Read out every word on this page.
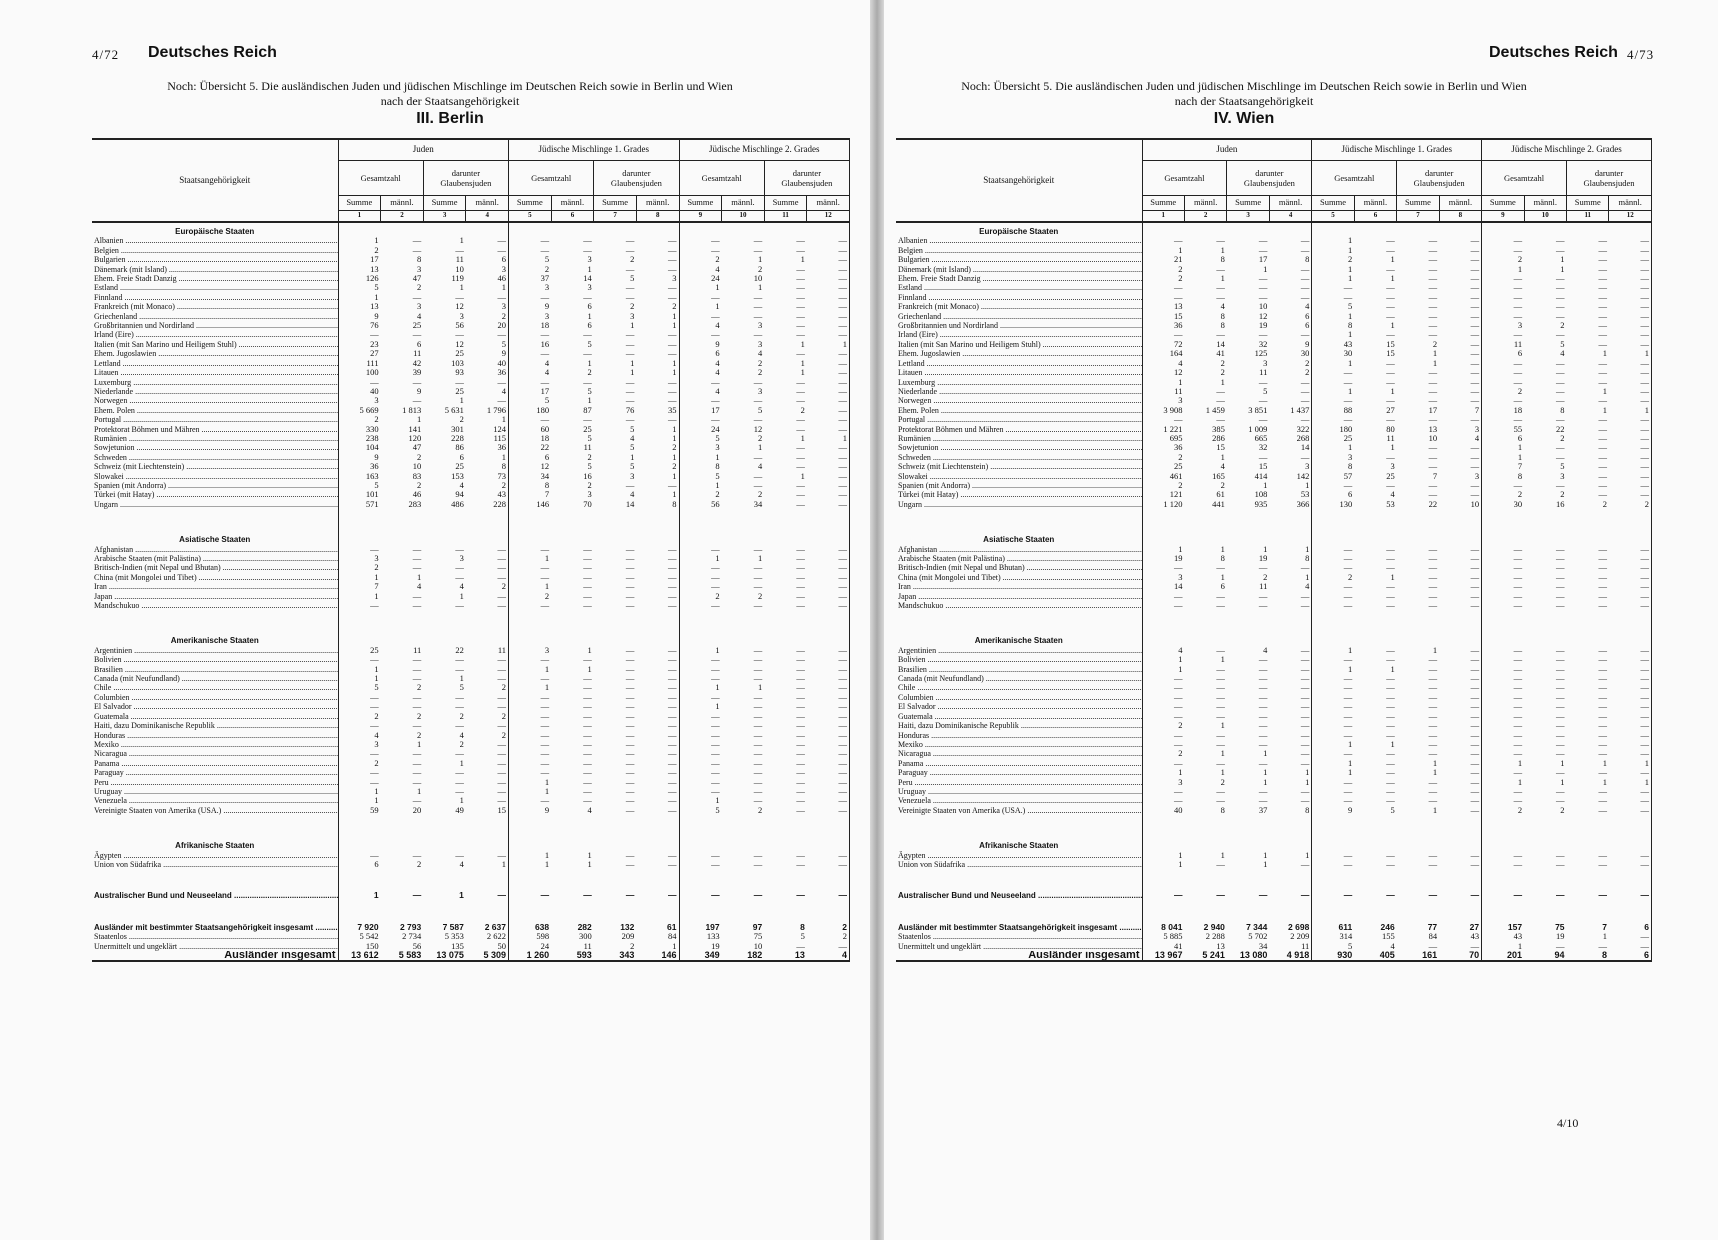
4/72 Deutsches Reich
Noch: Übersicht 5. Die ausländischen Juden und jüdischen Mischlinge im Deutschen Reich sowie in Berlin und Wien
nach der Staatsangehörigkeit
III. Berlin
Staatsangehörigkeit	Juden				Jüdische Mischlinge 1. Grades				Jüdische Mischlinge 2. Grades			
	Gesamtzahl		darunter Glaubensjuden		Gesamtzahl		darunter Glaubensjuden		Gesamtzahl		darunter Glaubensjuden	
	Summe	männl.	Summe	männl.	Summe	männl.	Summe	männl.	Summe	männl.	Summe	männl.
	1	2	3	4	5	6	7	8	9	10	11	12
Europäische Staaten												
Albanien .....	1	—	1	—	—	—	—	—	—	—	—	—
Belgien .....	2	—	—	—	—	—	—	—	—	—	—	—
Bulgarien .....	17	8	11	6	5	3	2	—	2	1	1	—
Dänemark (mit Island) .....	13	3	10	3	2	1	—	—	4	2	—	—
Ehem. Freie Stadt Danzig .....	126	47	119	46	37	14	5	3	24	10	—	—
Estland .....	5	2	1	1	3	3	—	—	1	1	—	—
Finnland .....	1	—	—	—	—	—	—	—	—	—	—	—
Frankreich (mit Monaco) .....	13	3	12	3	9	6	2	2	1	—	—	—
Griechenland .....	9	4	3	2	3	1	3	1	—	—	—	—
Großbritannien und Nordirland .....	76	25	56	20	18	6	1	1	4	3	—	—
Irland (Eire) .....	—	—	—	—	—	—	—	—	—	—	—	—
Italien (mit San Marino und Heiligem Stuhl) .....	23	6	12	5	16	5	—	—	9	3	1	1
Ehem. Jugoslawien .....	27	11	25	9	—	—	—	—	6	4	—	—
Lettland .....	111	42	103	40	4	1	1	1	4	2	1	—
Litauen .....	100	39	93	36	4	2	1	1	4	2	1	—
Luxemburg .....	—	—	—	—	—	—	—	—	—	—	—	—
Niederlande .....	40	9	25	4	17	5	—	—	4	3	—	—
Norwegen .....	3	—	1	—	5	1	—	—	—	—	—	—
Ehem. Polen .....	5 669	1 813	5 631	1 796	180	87	76	35	17	5	2	—
Portugal .....	2	1	2	1	—	—	—	—	—	—	—	—
Protektorat Böhmen und Mähren .....	330	141	301	124	60	25	5	1	24	12	—	—
Rumänien .....	238	120	228	115	18	5	4	1	5	2	1	1
Sowjetunion .....	104	47	86	36	22	11	5	2	3	1	—	—
Schweden .....	9	2	6	1	6	2	1	1	1	—	—	—
Schweiz (mit Liechtenstein) .....	36	10	25	8	12	5	5	2	8	4	—	—
Slowakei .....	163	83	153	73	34	16	3	1	5	—	1	—
Spanien (mit Andorra) .....	5	2	4	2	8	2	—	—	1	—	—	—
Türkei (mit Hatay) .....	101	46	94	43	7	3	4	1	2	2	—	—
Ungarn .....	571	283	486	228	146	70	14	8	56	34	—	—

Asiatische Staaten												
Afghanistan .....	—	—	—	—	—	—	—	—	—	—	—	—
Arabische Staaten (mit Palästina) .....	3	—	3	—	1	—	—	—	1	1	—	—
Britisch-Indien (mit Nepal und Bhutan) .....	2	—	—	—	—	—	—	—	—	—	—	—
China (mit Mongolei und Tibet) .....	1	1	—	—	—	—	—	—	—	—	—	—
Iran .....	7	4	4	2	1	—	—	—	—	—	—	—
Japan .....	1	—	1	—	2	—	—	—	2	2	—	—
Mandschukuo .....	—	—	—	—	—	—	—	—	—	—	—	—

Amerikanische Staaten												
Argentinien .....	25	11	22	11	3	1	—	—	1	—	—	—
Bolivien .....	—	—	—	—	—	—	—	—	—	—	—	—
Brasilien .....	1	—	—	—	1	1	—	—	—	—	—	—
Canada (mit Neufundland) .....	1	—	1	—	—	—	—	—	—	—	—	—
Chile .....	5	2	5	2	1	—	—	—	1	1	—	—
Columbien .....	—	—	—	—	—	—	—	—	—	—	—	—
El Salvador .....	—	—	—	—	—	—	—	—	1	—	—	—
Guatemala .....	2	2	2	2	—	—	—	—	—	—	—	—
Haiti, dazu Dominikanische Republik .....	—	—	—	—	—	—	—	—	—	—	—	—
Honduras .....	4	2	4	2	—	—	—	—	—	—	—	—
Mexiko .....	3	1	2	—	—	—	—	—	—	—	—	—
Nicaragua .....	—	—	—	—	—	—	—	—	—	—	—	—
Panama .....	2	—	1	—	—	—	—	—	—	—	—	—
Paraguay .....	—	—	—	—	—	—	—	—	—	—	—	—
Peru .....	—	—	—	—	1	—	—	—	—	—	—	—
Uruguay .....	1	1	—	—	1	—	—	—	—	—	—	—
Venezuela .....	1	—	1	—	—	—	—	—	1	—	—	—
Vereinigte Staaten von Amerika (USA.) .....	59	20	49	15	9	4	—	—	5	2	—	—

Afrikanische Staaten												
Ägypten .....	—	—	—	—	1	1	—	—	—	—	—	—
Union von Südafrika .....	6	2	4	1	1	1	—	—	—	—	—	—

Australischer Bund und Neuseeland .....	1	—	1	—	—	—	—	—	—	—	—	—

Ausländer mit bestimmter Staatsangehörigkeit insgesamt .....	7 920	2 793	7 587	2 637	638	282	132	61	197	97	8	2
Staatenlos .....	5 542	2 734	5 353	2 622	598	300	209	84	133	75	5	2
Unermittelt und ungeklärt .....	150	56	135	50	24	11	2	1	19	10	—	—
Ausländer insgesamt	13 612	5 583	13 075	5 309	1 260	593	343	146	349	182	13	4
Deutsches Reich 4/73
Noch: Übersicht 5. Die ausländischen Juden und jüdischen Mischlinge im Deutschen Reich sowie in Berlin und Wien
nach der Staatsangehörigkeit
IV. Wien
Staatsangehörigkeit	Juden				Jüdische Mischlinge 1. Grades				Jüdische Mischlinge 2. Grades			
	Gesamtzahl		darunter Glaubensjuden		Gesamtzahl		darunter Glaubensjuden		Gesamtzahl		darunter Glaubensjuden	
	Summe	männl.	Summe	männl.	Summe	männl.	Summe	männl.	Summe	männl.	Summe	männl.
	1	2	3	4	5	6	7	8	9	10	11	12
Europäische Staaten												
Albanien .....	—	—	—	—	1	—	—	—	—	—	—	—
Belgien .....	1	1	—	—	1	—	—	—	—	—	—	—
Bulgarien .....	21	8	17	8	2	1	—	—	2	1	—	—
Dänemark (mit Island) .....	2	—	1	—	1	—	—	—	1	1	—	—
Ehem. Freie Stadt Danzig .....	2	1	—	—	1	1	—	—	—	—	—	—
Estland .....	—	—	—	—	—	—	—	—	—	—	—	—
Finnland .....	—	—	—	—	—	—	—	—	—	—	—	—
Frankreich (mit Monaco) .....	13	4	10	4	5	—	—	—	—	—	—	—
Griechenland .....	15	8	12	6	1	—	—	—	—	—	—	—
Großbritannien und Nordirland .....	36	8	19	6	8	1	—	—	3	2	—	—
Irland (Eire) .....	—	—	—	—	1	—	—	—	—	—	—	—
Italien (mit San Marino und Heiligem Stuhl) .....	72	14	32	9	43	15	2	—	11	5	—	—
Ehem. Jugoslawien .....	164	41	125	30	30	15	1	—	6	4	1	1
Lettland .....	4	2	3	2	1	—	1	—	—	—	—	—
Litauen .....	12	2	11	2	—	—	—	—	—	—	—	—
Luxemburg .....	1	1	—	—	—	—	—	—	—	—	—	—
Niederlande .....	11	—	5	—	1	1	—	—	2	—	1	—
Norwegen .....	3	—	—	—	—	—	—	—	—	—	—	—
Ehem. Polen .....	3 908	1 459	3 851	1 437	88	27	17	7	18	8	1	1
Portugal .....	—	—	—	—	—	—	—	—	—	—	—	—
Protektorat Böhmen und Mähren .....	1 221	385	1 009	322	180	80	13	3	55	22	—	—
Rumänien .....	695	286	665	268	25	11	10	4	6	2	—	—
Sowjetunion .....	36	15	32	14	1	1	—	—	1	—	—	—
Schweden .....	2	1	—	—	3	—	—	—	1	—	—	—
Schweiz (mit Liechtenstein) .....	25	4	15	3	8	3	—	—	7	5	—	—
Slowakei .....	461	165	414	142	57	25	7	3	8	3	—	—
Spanien (mit Andorra) .....	2	2	1	1	—	—	—	—	—	—	—	—
Türkei (mit Hatay) .....	121	61	108	53	6	4	—	—	2	2	—	—
Ungarn .....	1 120	441	935	366	130	53	22	10	30	16	2	2

Asiatische Staaten												
Afghanistan .....	1	1	1	1	—	—	—	—	—	—	—	—
Arabische Staaten (mit Palästina) .....	19	8	19	8	—	—	—	—	—	—	—	—
Britisch-Indien (mit Nepal und Bhutan) .....	—	—	—	—	—	—	—	—	—	—	—	—
China (mit Mongolei und Tibet) .....	3	1	2	1	2	1	—	—	—	—	—	—
Iran .....	14	6	11	4	—	—	—	—	—	—	—	—
Japan .....	—	—	—	—	—	—	—	—	—	—	—	—
Mandschukuo .....	—	—	—	—	—	—	—	—	—	—	—	—

Amerikanische Staaten												
Argentinien .....	4	—	4	—	1	—	1	—	—	—	—	—
Bolivien .....	1	1	—	—	—	—	—	—	—	—	—	—
Brasilien .....	1	—	—	—	1	1	—	—	—	—	—	—
Canada (mit Neufundland) .....	—	—	—	—	—	—	—	—	—	—	—	—
Chile .....	—	—	—	—	—	—	—	—	—	—	—	—
Columbien .....	—	—	—	—	—	—	—	—	—	—	—	—
El Salvador .....	—	—	—	—	—	—	—	—	—	—	—	—
Guatemala .....	—	—	—	—	—	—	—	—	—	—	—	—
Haiti, dazu Dominikanische Republik .....	2	1	—	—	—	—	—	—	—	—	—	—
Honduras .....	—	—	—	—	—	—	—	—	—	—	—	—
Mexiko .....	—	—	—	—	1	1	—	—	—	—	—	—
Nicaragua .....	2	1	1	—	—	—	—	—	—	—	—	—
Panama .....	—	—	—	—	1	—	1	—	1	1	1	1
Paraguay .....	1	1	1	1	1	—	1	—	—	—	—	—
Peru .....	3	2	1	1	—	—	—	—	1	1	1	1
Uruguay .....	—	—	—	—	—	—	—	—	—	—	—	—
Venezuela .....	—	—	—	—	—	—	—	—	—	—	—	—
Vereinigte Staaten von Amerika (USA.) .....	40	8	37	8	9	5	1	—	2	2	—	—

Afrikanische Staaten												
Ägypten .....	1	1	1	1	—	—	—	—	—	—	—	—
Union von Südafrika .....	1	—	1	—	—	—	—	—	—	—	—	—

Australischer Bund und Neuseeland .....	—	—	—	—	—	—	—	—	—	—	—	—

Ausländer mit bestimmter Staatsangehörigkeit insgesamt .....	8 041	2 940	7 344	2 698	611	246	77	27	157	75	7	6
Staatenlos .....	5 885	2 288	5 702	2 209	314	155	84	43	43	19	1	—
Unermittelt und ungeklärt .....	41	13	34	11	5	4	—	—	1	—	—	—
Ausländer insgesamt	13 967	5 241	13 080	4 918	930	405	161	70	201	94	8	6
4/10
